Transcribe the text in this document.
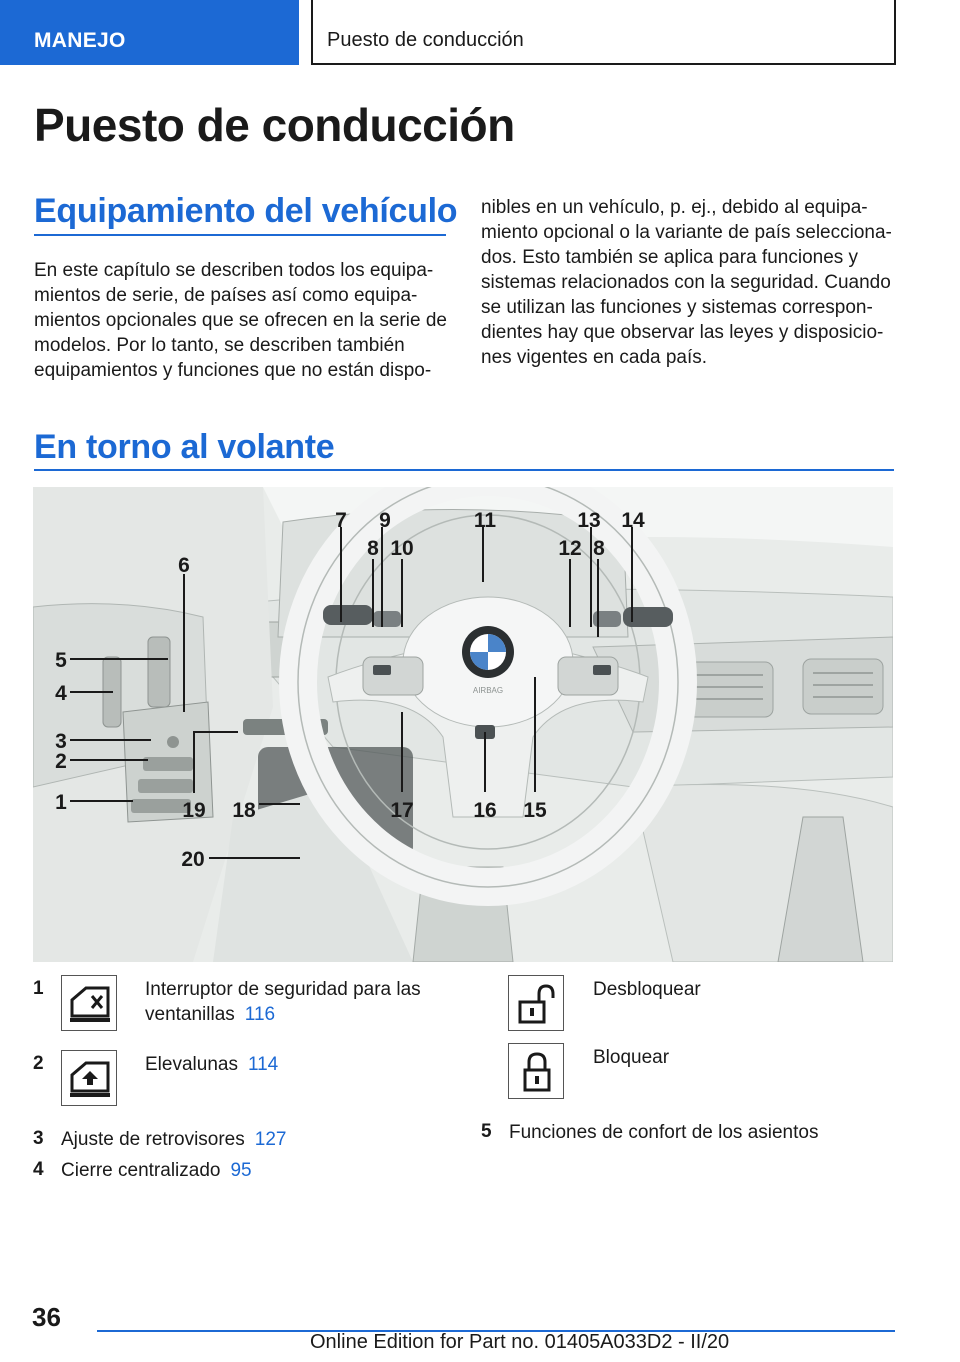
MANEJO	Puesto de conducción
Puesto de conducción
Equipamiento del vehículo
En este capítulo se describen todos los equipa-
mientos de serie, de países así como equipa-
mientos opcionales que se ofrecen en la serie de
modelos. Por lo tanto, se describen también
equipamientos y funciones que no están dispo-
nibles en un vehículo, p. ej., debido al equipa-
miento opcional o la variante de país selecciona-
dos. Esto también se aplica para funciones y
sistemas relacionados con la seguridad. Cuando
se utilizan las funciones y sistemas correspon-
dientes hay que observar las leyes y disposicio-
nes vigentes en cada país.
En torno al volante
AIRBAG
7 9	11	13 14
8 10	12 8
6
5
4
3
2
1	19 18	17	16 15
20
1	Interruptor de seguridad para las
ventanillas 116
2	Elevalunas 114
3 Ajuste de retrovisores 127
4 Cierre centralizado 95
Desbloquear
Bloquear
5 Funciones de confort de los asientos
36
Online Edition for Part no. 01405A033D2 - II/20
